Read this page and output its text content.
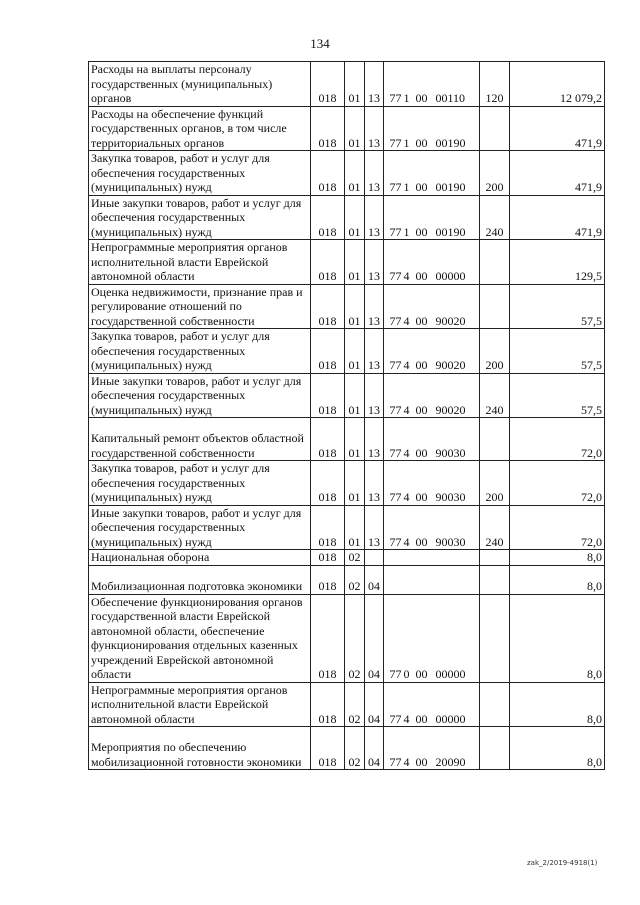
134
Расходы на выплаты персоналу государственных (муниципальных) органов	018	01	13	77 1 00 00110	120	12 079,2
Расходы на обеспечение функций государственных органов, в том числе территориальных органов	018	01	13	77 1 00 00190		471,9
Закупка товаров, работ и услуг для обеспечения государственных (муниципальных) нужд	018	01	13	77 1 00 00190	200	471,9
Иные закупки товаров, работ и услуг для обеспечения государственных (муниципальных) нужд	018	01	13	77 1 00 00190	240	471,9
Непрограммные мероприятия органов исполнительной власти Еврейской автономной области	018	01	13	77 4 00 00000		129,5
Оценка недвижимости, признание прав и регулирование отношений по государственной собственности	018	01	13	77 4 00 90020		57,5
Закупка товаров, работ и услуг для обеспечения государственных (муниципальных) нужд	018	01	13	77 4 00 90020	200	57,5
Иные закупки товаров, работ и услуг для обеспечения государственных (муниципальных) нужд	018	01	13	77 4 00 90020	240	57,5
Капитальный ремонт объектов областной государственной собственности	018	01	13	77 4 00 90030		72,0
Закупка товаров, работ и услуг для обеспечения государственных (муниципальных) нужд	018	01	13	77 4 00 90030	200	72,0
Иные закупки товаров, работ и услуг для обеспечения государственных (муниципальных) нужд	018	01	13	77 4 00 90030	240	72,0
Национальная оборона	018	02				8,0
Мобилизационная подготовка экономики	018	02	04			8,0
Обеспечение функционирования органов государственной власти Еврейской автономной области, обеспечение функционирования отдельных казенных учреждений Еврейской автономной области	018	02	04	77 0 00 00000		8,0
Непрограммные мероприятия органов исполнительной власти Еврейской автономной области	018	02	04	77 4 00 00000		8,0
Мероприятия по обеспечению мобилизационной готовности экономики	018	02	04	77 4 00 20090		8,0
zak_2/2019-4918(1)
